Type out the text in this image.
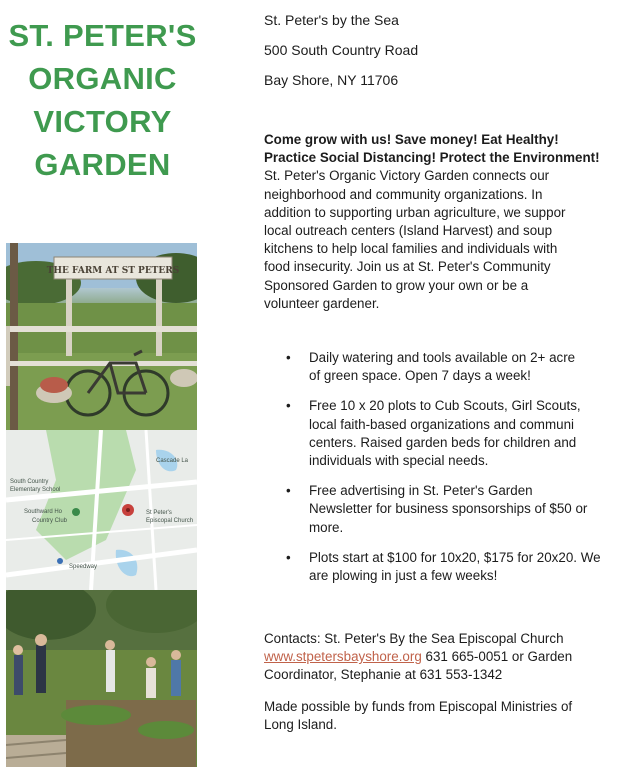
ST. PETER'S
ORGANIC
VICTORY
GARDEN
THE FARM AT ST PETERS
South Country
Elementary School
Southward Ho
Country Club
St Peter's
Episcopal Church
Speedway
Cascade La
St. Peter's by the Sea
500 South Country Road
Bay Shore, NY 11706
Come grow with us! Save money! Eat Healthy!
Practice Social Distancing! Protect the Environment!
St. Peter's Organic Victory Garden connects our
neighborhood and community organizations. In
addition to supporting urban agriculture, we suppor
local outreach centers (Island Harvest) and soup
kitchens to help local families and individuals with
food insecurity. Join us at St. Peter's Community
Sponsored Garden to grow your own or be a
volunteer gardener.
• Daily watering and tools available on 2+ acre
of green space. Open 7 days a week!
• Free 10 x 20 plots to Cub Scouts, Girl Scouts,
local faith-based organizations and communi
centers. Raised garden beds for children and
individuals with special needs.
• Free advertising in St. Peter's Garden
Newsletter for business sponsorships of $50 or
more.
• Plots start at $100 for 10x20, $175 for 20x20. We
are plowing in just a few weeks!
Contacts: St. Peter's By the Sea Episcopal Church
www.stpetersbayshore.org 631 665-0051 or Garden
Coordinator, Stephanie at 631 553-1342
Made possible by funds from Episcopal Ministries of
Long Island.
